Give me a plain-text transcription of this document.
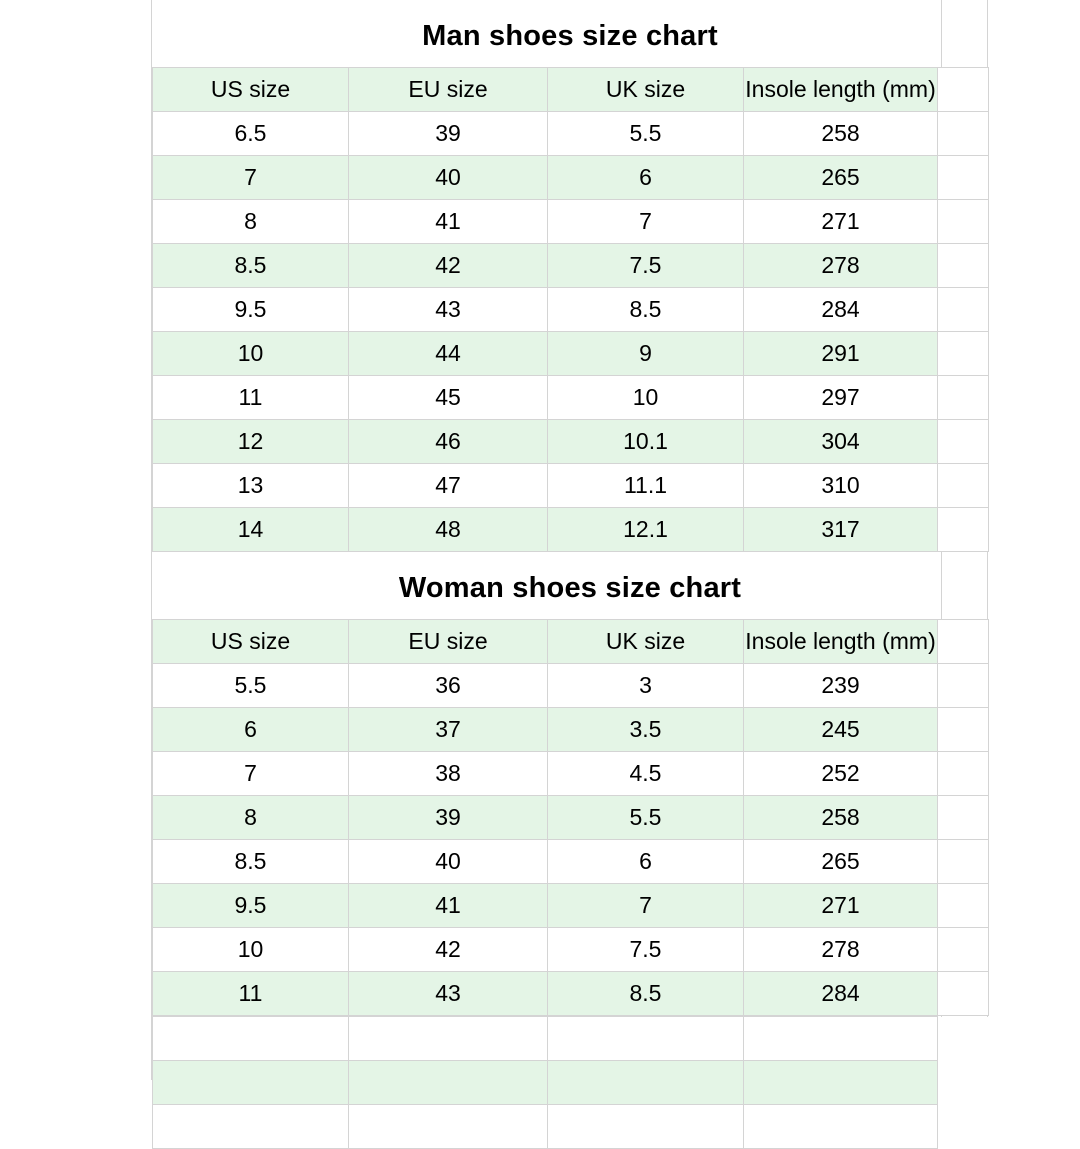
Man shoes size chart
US size	EU size	UK size	Insole length (mm)	
6.5	39	5.5	258	
7	40	6	265	
8	41	7	271	
8.5	42	7.5	278	
9.5	43	8.5	284	
10	44	9	291	
11	45	10	297	
12	46	10.1	304	
13	47	11.1	310	
14	48	12.1	317	
Woman shoes size chart
US size	EU size	UK size	Insole length (mm)	
5.5	36	3	239	
6	37	3.5	245	
7	38	4.5	252	
8	39	5.5	258	
8.5	40	6	265	
9.5	41	7	271	
10	42	7.5	278	
11	43	8.5	284	
